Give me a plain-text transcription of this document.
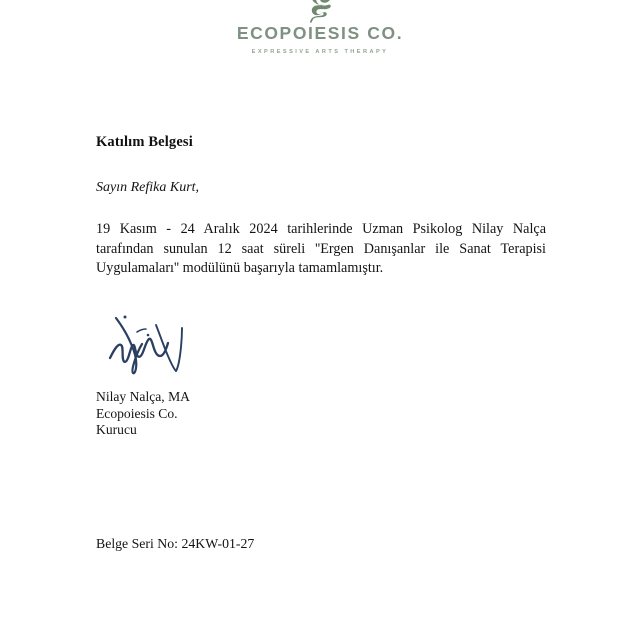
ECOPOIESIS CO.
EXPRESSIVE ARTS THERAPY
Katılım Belgesi

Sayın Refika Kurt,

19 Kasım - 24 Aralık 2024 tarihlerinde Uzman Psikolog Nilay Nalça tarafından sunulan 12 saat süreli ''Ergen Danışanlar ile Sanat Terapisi Uygulamaları'' modülünü başarıyla tamamlamıştır.

Nilay Nalça, MA
Ecopoiesis Co.
Kurucu

Belge Seri No: 24KW-01-27
